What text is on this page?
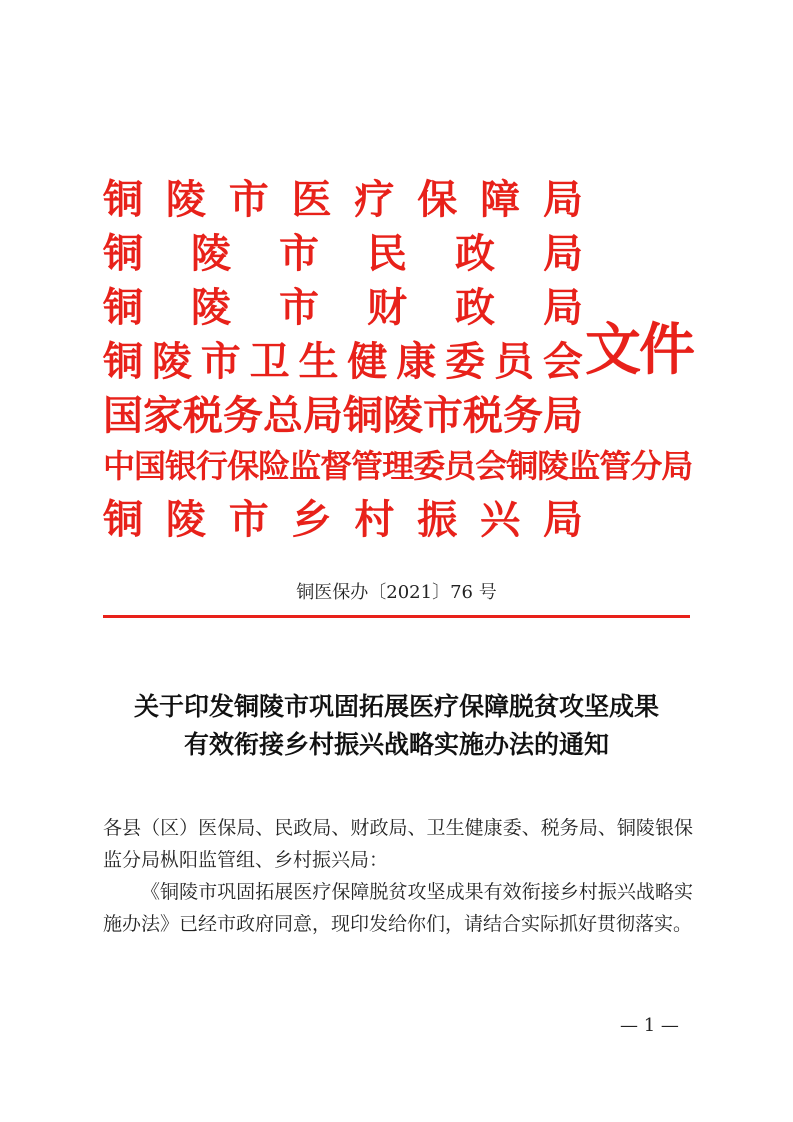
铜 陵 市 医 疗 保 障 局
铜 陵 市 民 政 局
铜 陵 市 财 政 局
铜 陵 市 卫 生 健 康 委 员 会
国 家 税 务 总 局 铜 陵 市 税 务 局
中 国 银 行 保 险 监 督 管 理 委 员 会 铜 陵 监 管 分 局
铜 陵 市 乡 村 振 兴 局
文件
铜医保办〔2021〕76 号
关于印发铜陵市巩固拓展医疗保障脱贫攻坚成果
有效衔接乡村振兴战略实施办法的通知

各县（区）医保局、民政局、财政局、卫生健康委、税务局、铜陵银保监分局枞阳监管组、乡村振兴局：

《铜陵市巩固拓展医疗保障脱贫攻坚成果有效衔接乡村振兴战略实施办法》已经市政府同意，现印发给你们，请结合实际抓好贯彻落实。

— 1 —
